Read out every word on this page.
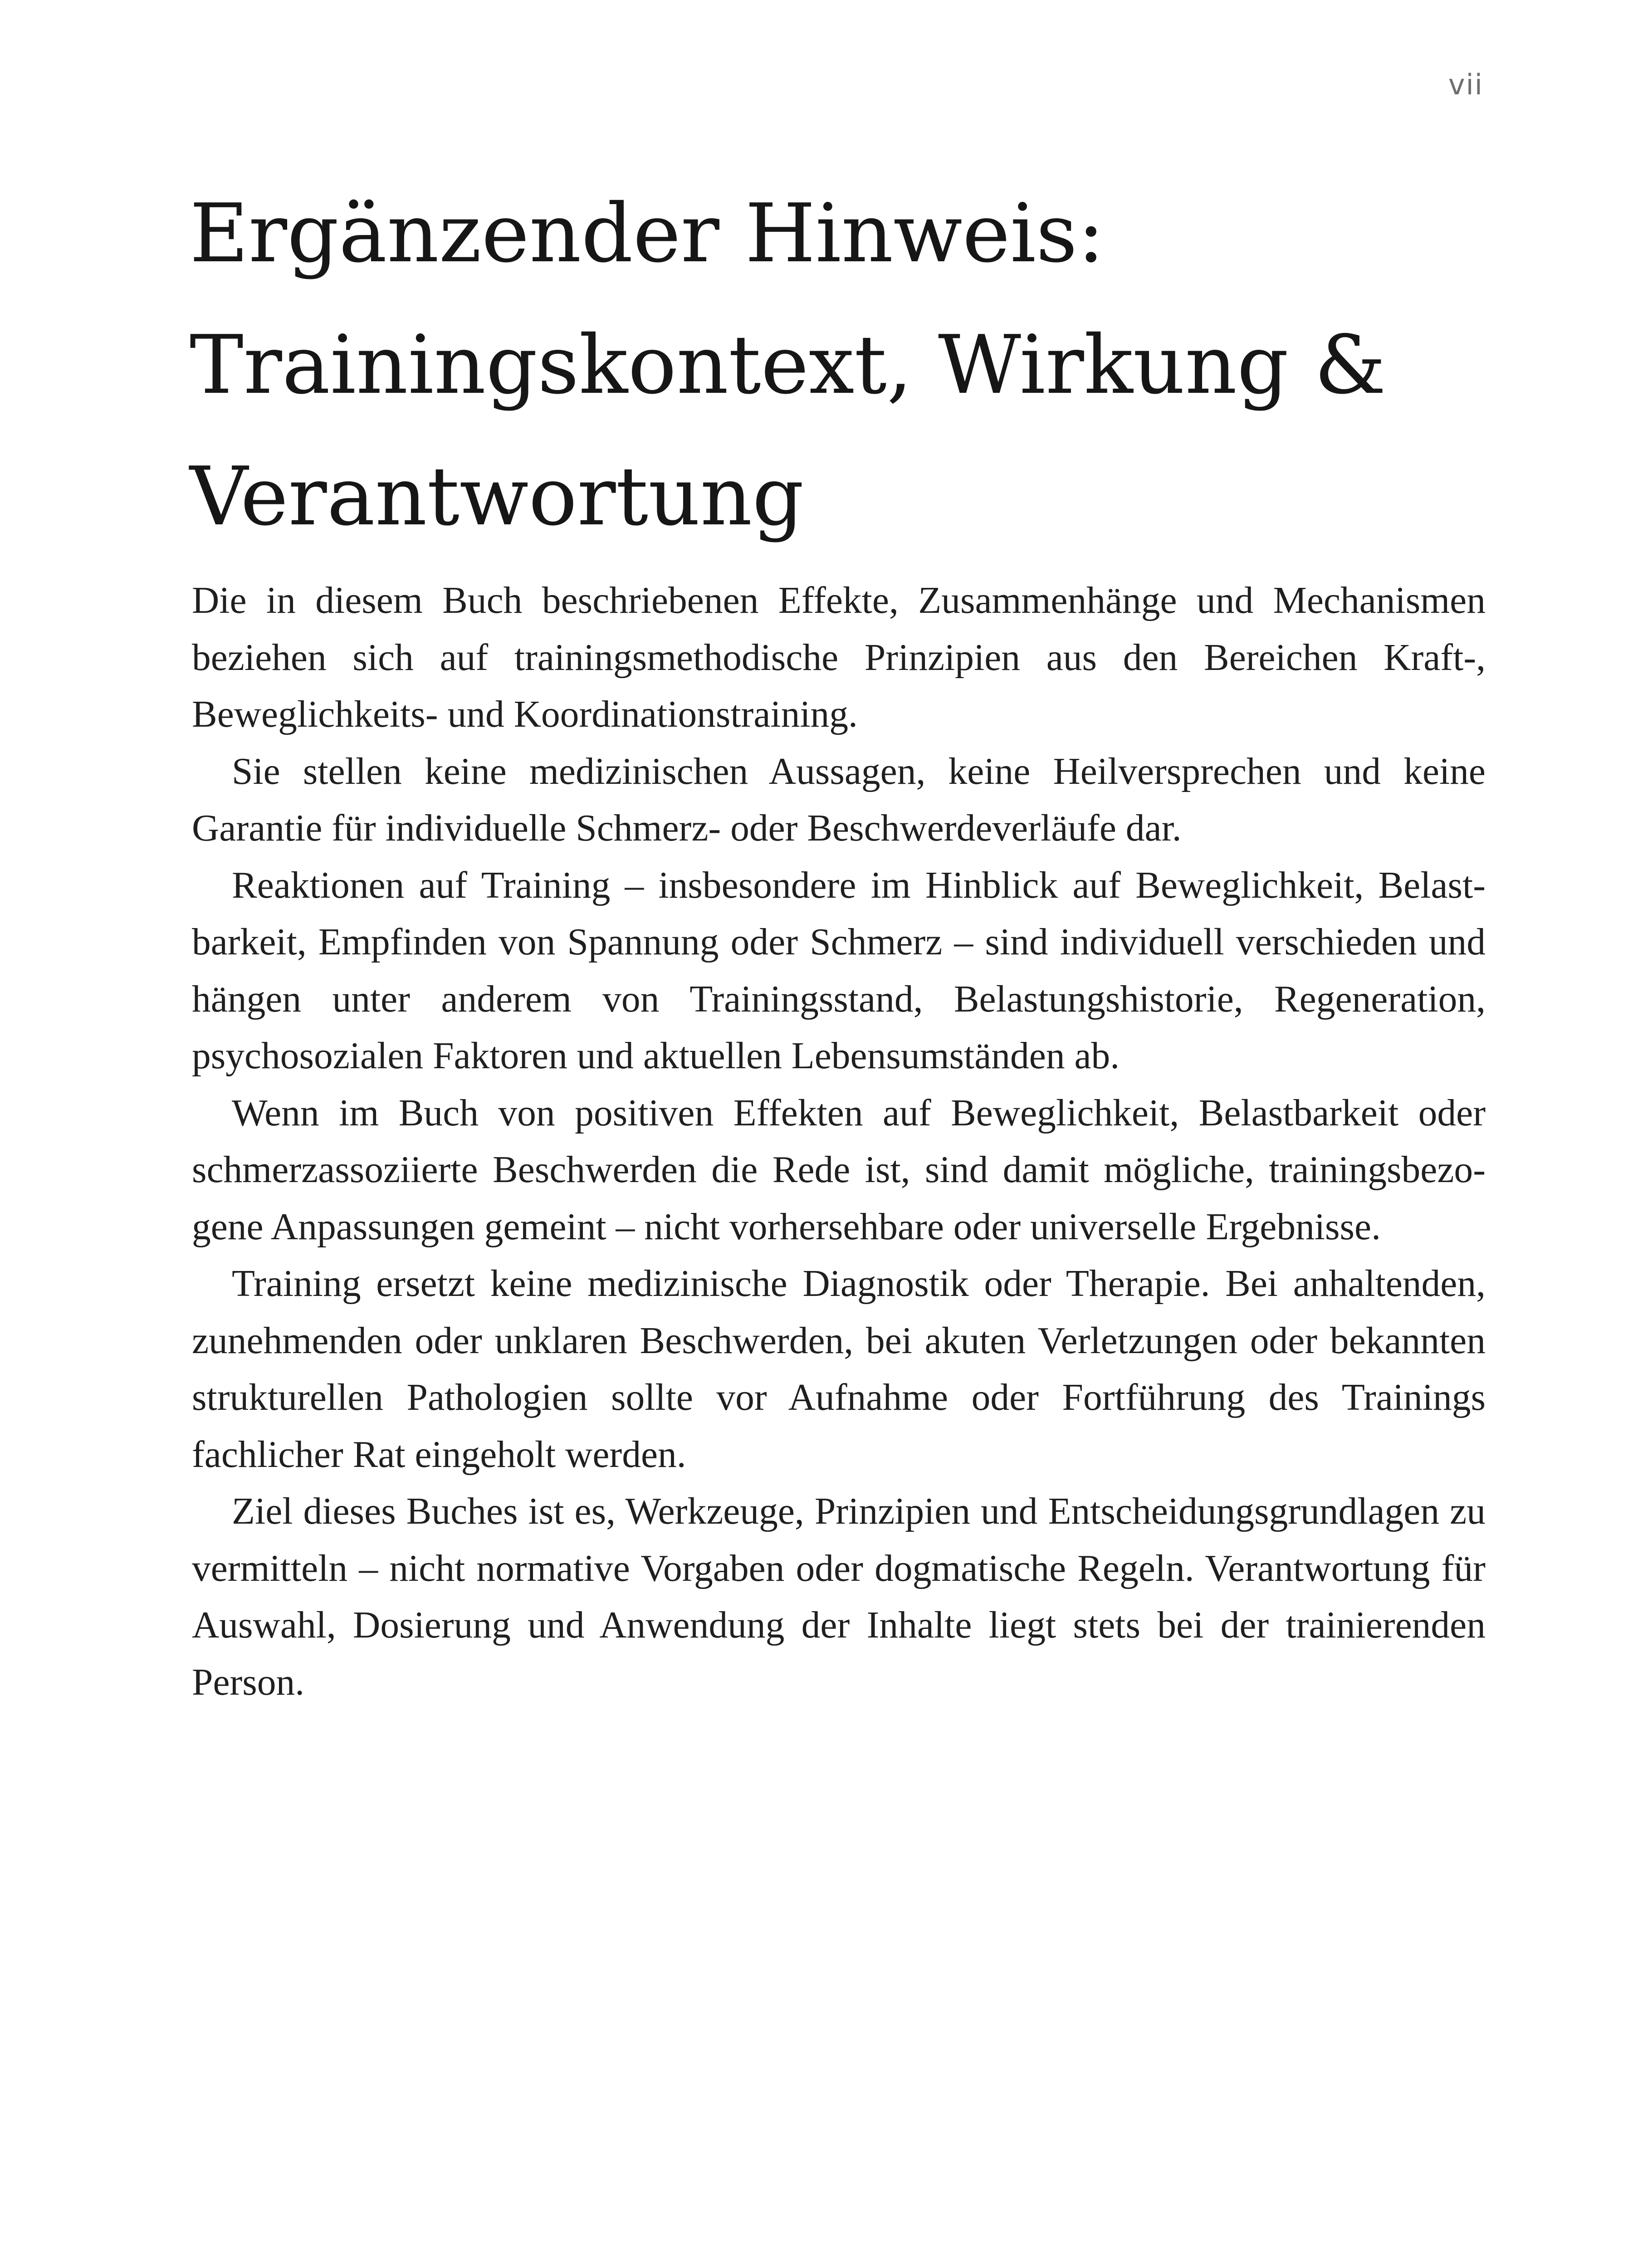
vii
Ergänzender Hinweis:
Trainingskontext, Wirkung &
Verantwortung

Die in diesem Buch beschriebenen Effekte, Zusammenhänge und Mechanismen beziehen sich auf trainingsmethodische Prinzipien aus den Bereichen Kraft-, Beweglichkeits- und Koordinationstraining.

Sie stellen keine medizinischen Aussagen, keine Heilversprechen und keine Garantie für individuelle Schmerz- oder Beschwerdeverläufe dar.

Reaktionen auf Training – insbesondere im Hinblick auf Beweglichkeit, Belastbarkeit, Empfinden von Spannung oder Schmerz – sind individuell verschieden und hängen unter anderem von Trainingsstand, Belastungshistorie, Regeneration, psychosozialen Faktoren und aktuellen Lebensumständen ab.

Wenn im Buch von positiven Effekten auf Beweglichkeit, Belastbarkeit oder schmerzassoziierte Beschwerden die Rede ist, sind damit mögliche, trainingsbezogene Anpassungen gemeint – nicht vorhersehbare oder universelle Ergebnisse.

Training ersetzt keine medizinische Diagnostik oder Therapie. Bei anhaltenden, zunehmenden oder unklaren Beschwerden, bei akuten Verletzungen oder bekannten strukturellen Pathologien sollte vor Aufnahme oder Fortführung des Trainings fachlicher Rat eingeholt werden.

Ziel dieses Buches ist es, Werkzeuge, Prinzipien und Entscheidungsgrundlagen zu vermitteln – nicht normative Vorgaben oder dogmatische Regeln. Verantwortung für Auswahl, Dosierung und Anwendung der Inhalte liegt stets bei der trainierenden Person.
